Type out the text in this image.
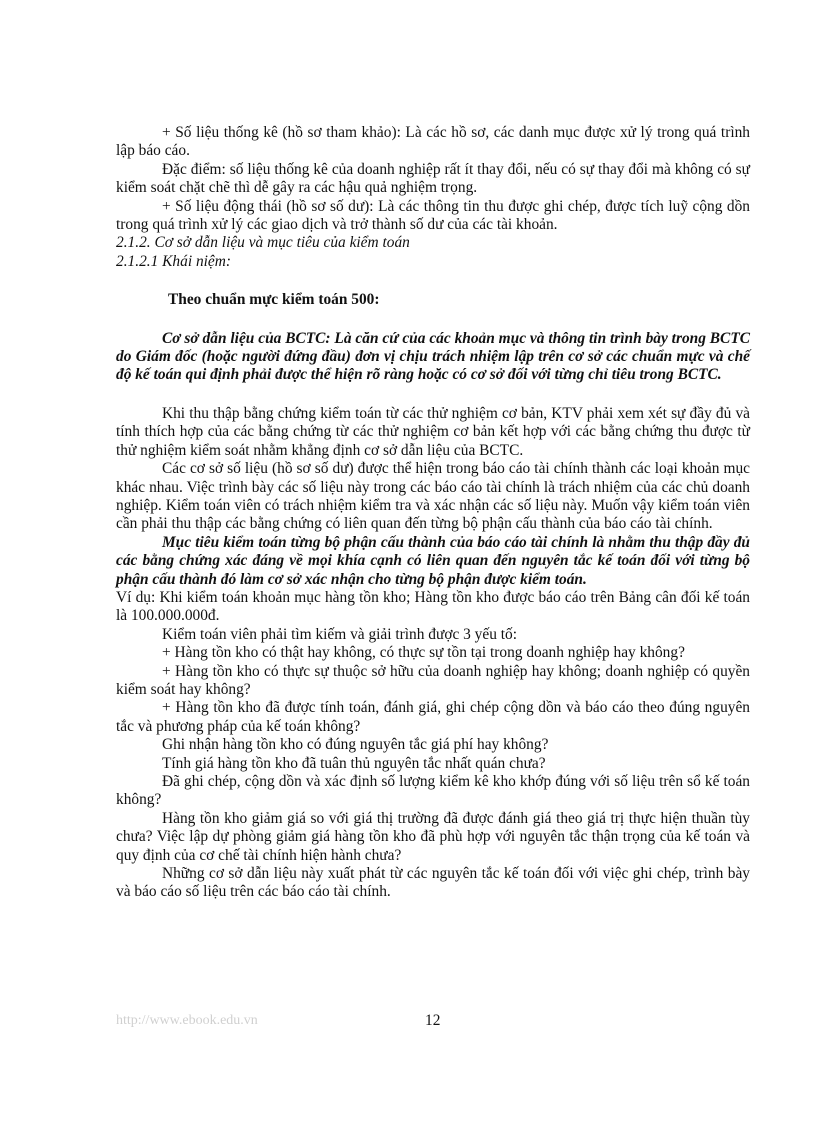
+ Số liệu thống kê (hồ sơ tham khảo): Là các hồ sơ, các danh mục được xử lý trong quá trình lập báo cáo.

Đặc điểm: số liệu thống kê của doanh nghiệp rất ít thay đổi, nếu có sự thay đổi mà không có sự kiểm soát chặt chẽ thì dễ gây ra các hậu quả nghiệm trọng.

+ Số liệu động thái (hồ sơ số dư): Là các thông tin thu được ghi chép, được tích luỹ cộng dồn trong quá trình xử lý các giao dịch và trở thành số dư của các tài khoản.

2.1.2. Cơ sở dẫn liệu và mục tiêu của kiểm toán

2.1.2.1 Khái niệm:

Theo chuẩn mực kiểm toán 500:

Cơ sở dẫn liệu của BCTC: Là căn cứ của các khoản mục và thông tin trình bày trong BCTC do Giám đốc (hoặc người đứng đầu) đơn vị chịu trách nhiệm lập trên cơ sở các chuẩn mực và chế độ kế toán qui định phải được thể hiện rõ ràng hoặc có cơ sở đối với từng chỉ tiêu trong BCTC.

Khi thu thập bằng chứng kiểm toán từ các thử nghiệm cơ bản, KTV phải xem xét sự đầy đủ và tính thích hợp của các bằng chứng từ các thử nghiệm cơ bản kết hợp với các bằng chứng thu được từ thử nghiệm kiểm soát nhằm khẳng định cơ sở dẫn liệu của BCTC.

Các cơ sở số liệu (hồ sơ số dư) được thể hiện trong báo cáo tài chính thành các loại khoản mục khác nhau. Việc trình bày các số liệu này trong các báo cáo tài chính là trách nhiệm của các chủ doanh nghiệp. Kiểm toán viên có trách nhiệm kiểm tra và xác nhận các số liệu này. Muốn vậy kiểm toán viên cần phải thu thập các bằng chứng có liên quan đến từng bộ phận cấu thành của báo cáo tài chính.

Mục tiêu kiểm toán từng bộ phận cấu thành của báo cáo tài chính là nhằm thu thập đầy đủ các bằng chứng xác đáng về mọi khía cạnh có liên quan đến nguyên tắc kế toán đối với từng bộ phận cấu thành đó làm cơ sở xác nhận cho từng bộ phận được kiểm toán.

Ví dụ: Khi kiểm toán khoản mục hàng tồn kho; Hàng tồn kho được báo cáo trên Bảng cân đối kế toán là 100.000.000đ.

Kiểm toán viên phải tìm kiếm và giải trình được 3 yếu tố:

+ Hàng tồn kho có thật hay không, có thực sự tồn tại trong doanh nghiệp hay không?

+ Hàng tồn kho có thực sự thuộc sở hữu của doanh nghiệp hay không; doanh nghiệp có quyền kiểm soát hay không?

+ Hàng tồn kho đã được tính toán, đánh giá, ghi chép cộng dồn và báo cáo theo đúng nguyên tắc và phương pháp của kế toán không?

Ghi nhận hàng tồn kho có đúng nguyên tắc giá phí hay không?

Tính giá hàng tồn kho đã tuân thủ nguyên tắc nhất quán chưa?

Đã ghi chép, cộng dồn và xác định số lượng kiểm kê kho khớp đúng với số liệu trên sổ kế toán không?

Hàng tồn kho giảm giá so với giá thị trường đã được đánh giá theo giá trị thực hiện thuần tùy chưa? Việc lập dự phòng giảm giá hàng tồn kho đã phù hợp với nguyên tắc thận trọng của kế toán và quy định của cơ chế tài chính hiện hành chưa?

Những cơ sở dẫn liệu này xuất phát từ các nguyên tắc kế toán đối với việc ghi chép, trình bày và báo cáo số liệu trên các báo cáo tài chính.

http://www.ebook.edu.vn	12
